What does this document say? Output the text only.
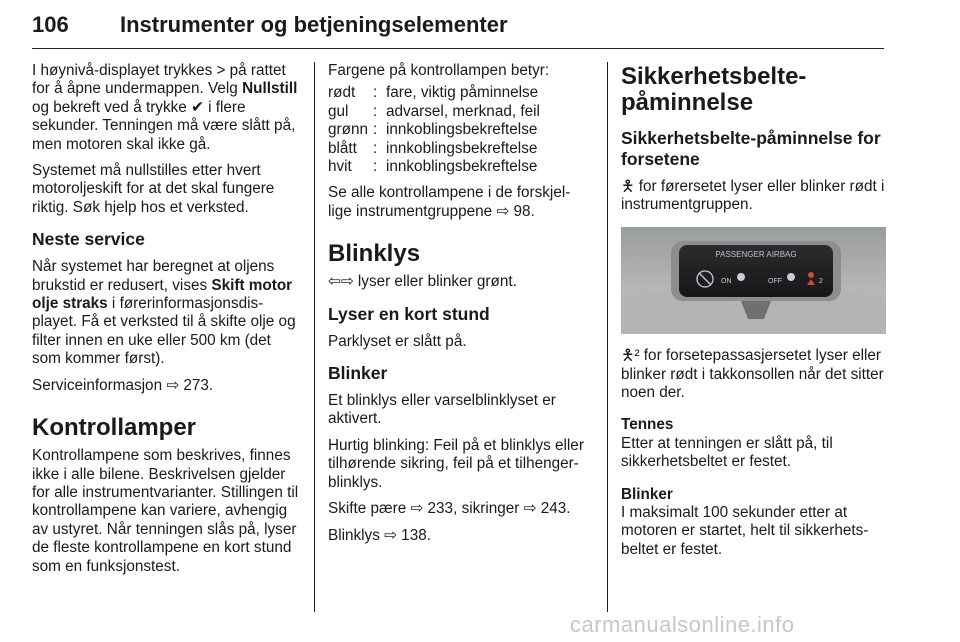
106 Instrumenter og betjeningselementer

I høynivå-displayet trykkes > på rattet for å åpne undermappen. Velg Nullstill og bekreft ved å trykke ✔ i flere sekunder. Tenningen må være slått på, men motoren skal ikke gå.

Systemet må nullstilles etter hvert motoroljeskift for at det skal fungere riktig. Søk hjelp hos et verksted.

Neste service

Når systemet har beregnet at oljens brukstid er redusert, vises Skift motor olje straks i førerinformasjonsdis-playet. Få et verksted til å skifte olje og filter innen en uke eller 500 km (det som kommer først).

Serviceinformasjon ⇨ 273.

Kontrollamper

Kontrollampene som beskrives, finnes ikke i alle bilene. Beskrivelsen gjelder for alle instrumentvarianter. Stillingen til kontrollampene kan variere, avhengig av ustyret. Når tenningen slås på, lyser de fleste kontrollampene en kort stund som en funksjonstest.

Fargene på kontrollampen betyr:

rødt	:	fare, viktig påminnelse
gul	:	advarsel, merknad, feil
grønn	:	innkoblingsbekreftelse
blått	:	innkoblingsbekreftelse
hvit	:	innkoblingsbekreftelse

Se alle kontrollampene i de forskjel-lige instrumentgruppene ⇨ 98.

Blinklys

⇦⇨ lyser eller blinker grønt.

Lyser en kort stund

Parklyset er slått på.

Blinker

Et blinklys eller varselblinklyset er aktivert.

Hurtig blinking: Feil på et blinklys eller tilhørende sikring, feil på et tilhenger-blinklys.

Skifte pære ⇨ 233, sikringer ⇨ 243.

Blinklys ⇨ 138.

Sikkerhetsbelte-påminnelse
Sikkerhetsbelte-påminnelse for forsetene

🯅 for førersetet lyser eller blinker rødt i instrumentgruppen.

PASSENGER AIRBAG
ON	OFF	2

🯅² for forsetepassasjersetet lyser eller blinker rødt i takkonsollen når det sitter noen der.

Tennes

Etter at tenningen er slått på, til sikkerhetsbeltet er festet.

Blinker

I maksimalt 100 sekunder etter at motoren er startet, helt til sikkerhets-beltet er festet.

carmanualsonline.info
